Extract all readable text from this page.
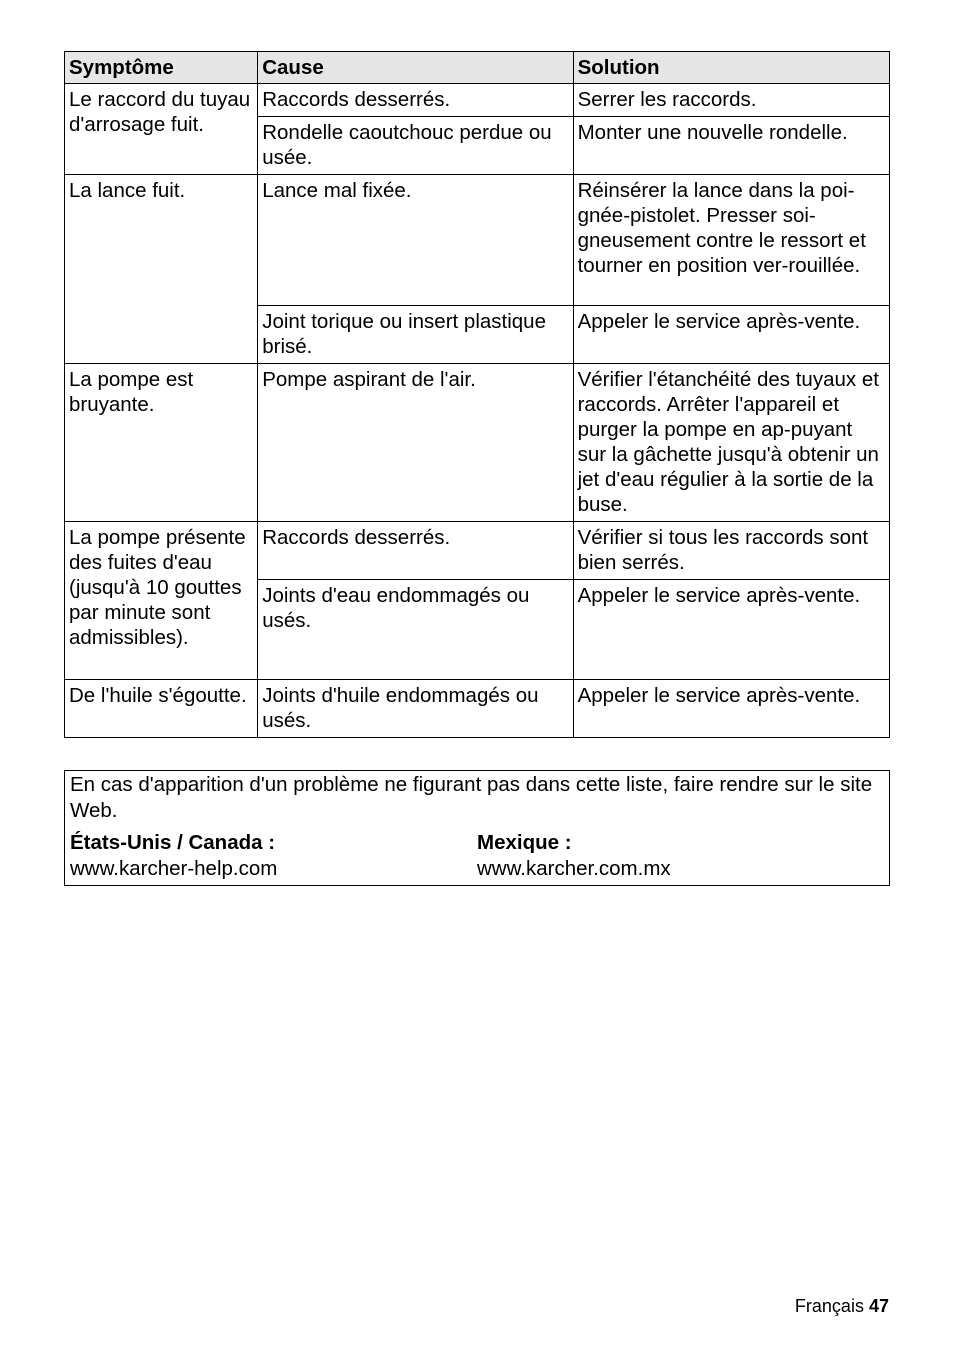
Symptôme	Cause	Solution
Le raccord du tuyau d'arrosage fuit.	Raccords desserrés.	Serrer les raccords.
	Rondelle caoutchouc perdue ou usée.	Monter une nouvelle rondelle.
La lance fuit.	Lance mal fixée.	Réinsérer la lance dans la poi-gnée-pistolet. Presser soi-gneusement contre le ressort et tourner en position ver-rouillée.
	Joint torique ou insert plastique brisé.	Appeler le service après-vente.
La pompe est bruyante.	Pompe aspirant de l'air.	Vérifier l'étanchéité des tuyaux et raccords. Arrêter l'appareil et purger la pompe en ap-puyant sur la gâchette jusqu'à obtenir un jet d'eau régulier à la sortie de la buse.
La pompe présente des fuites d'eau (jusqu'à 10 gouttes par minute sont admissibles).	Raccords desserrés.	Vérifier si tous les raccords sont bien serrés.
	Joints d'eau endommagés ou usés.	Appeler le service après-vente.
De l'huile s'égoutte.	Joints d'huile endommagés ou usés.	Appeler le service après-vente.
En cas d'apparition d'un problème ne figurant pas dans cette liste, faire rendre sur le site Web.
États-Unis / Canada :
www.karcher-help.com
Mexique :
www.karcher.com.mx
Français 47
